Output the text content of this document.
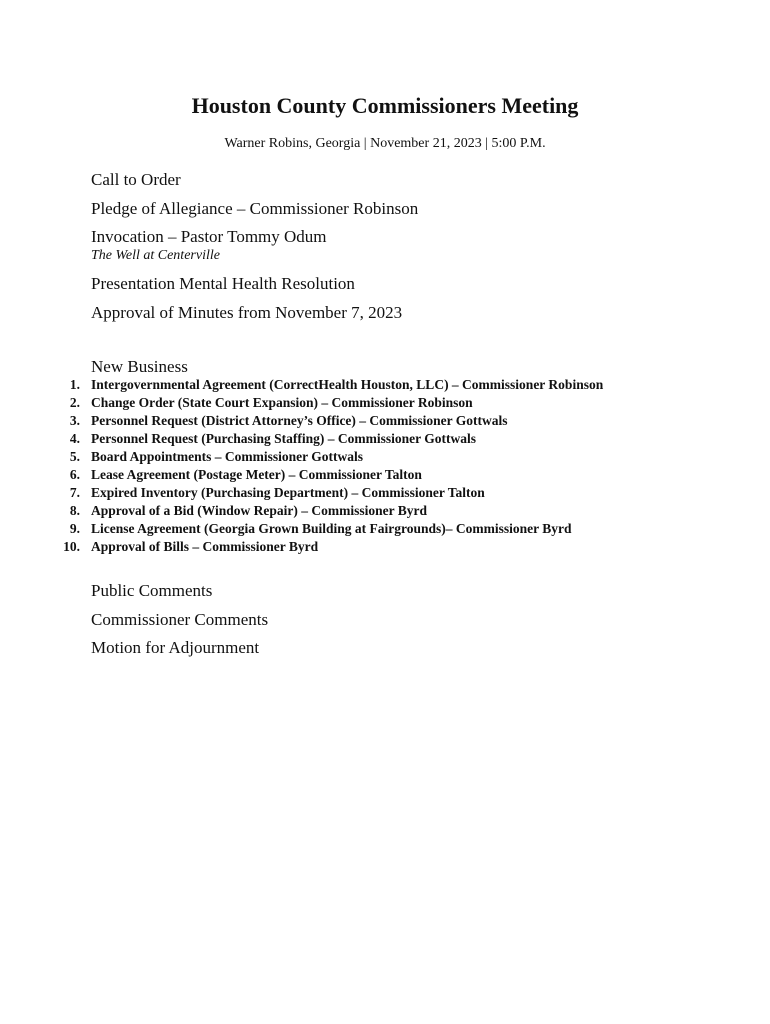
Houston County Commissioners Meeting

Warner Robins, Georgia | November 21, 2023 | 5:00 P.M.

Call to Order

Pledge of Allegiance – Commissioner Robinson

Invocation – Pastor Tommy Odum

The Well at Centerville

Presentation Mental Health Resolution

Approval of Minutes from November 7, 2023

New Business

1. Intergovernmental Agreement (CorrectHealth Houston, LLC) – Commissioner Robinson
2. Change Order (State Court Expansion) – Commissioner Robinson
3. Personnel Request (District Attorney’s Office) – Commissioner Gottwals
4. Personnel Request (Purchasing Staffing) – Commissioner Gottwals
5. Board Appointments – Commissioner Gottwals
6. Lease Agreement (Postage Meter) – Commissioner Talton
7. Expired Inventory (Purchasing Department) – Commissioner Talton
8. Approval of a Bid (Window Repair) – Commissioner Byrd
9. License Agreement (Georgia Grown Building at Fairgrounds)– Commissioner Byrd
10. Approval of Bills – Commissioner Byrd

Public Comments

Commissioner Comments

Motion for Adjournment
